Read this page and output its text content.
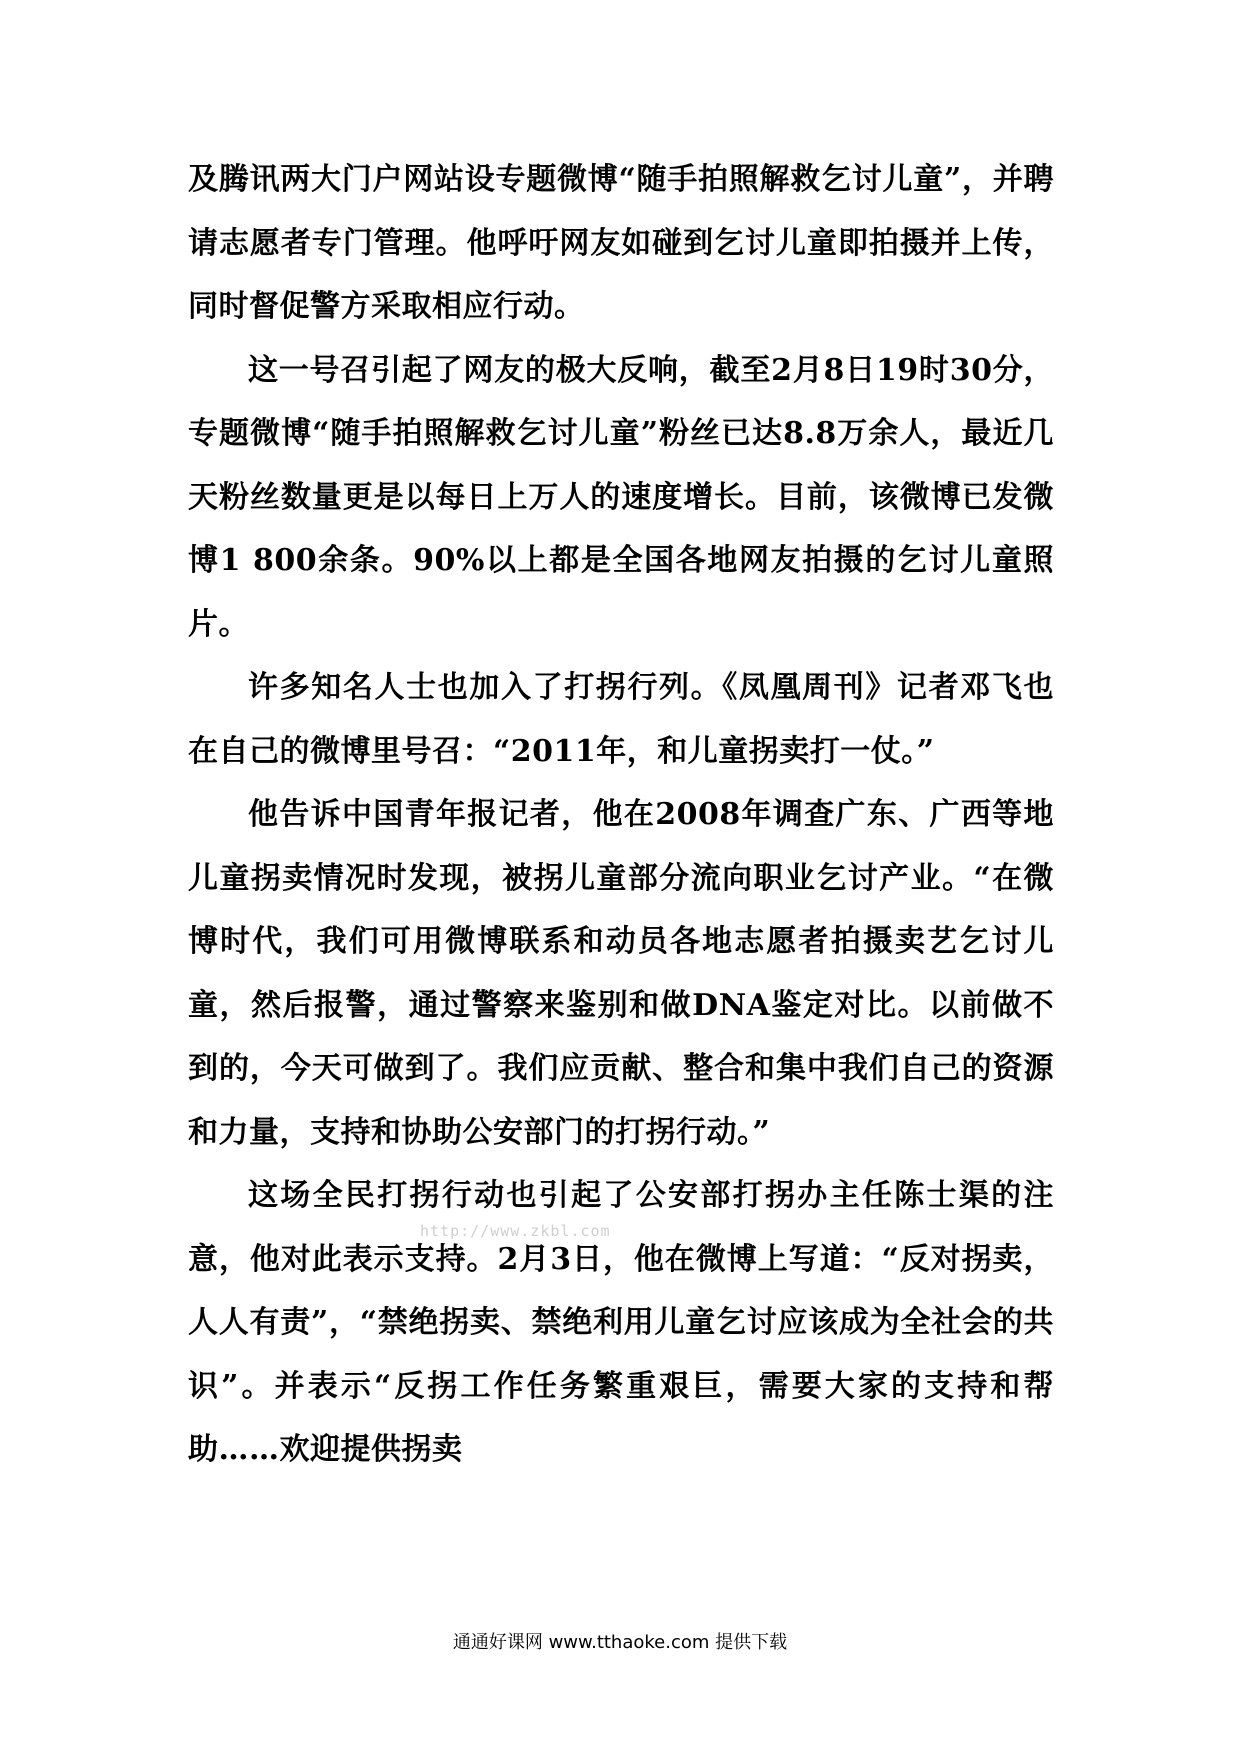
及腾讯两大门户网站设专题微博“随手拍照解救乞讨儿童”，并聘请志愿者专门管理。他呼吁网友如碰到乞讨儿童即拍摄并上传，同时督促警方采取相应行动。

这一号召引起了网友的极大反响，截至2月8日19时30分，专题微博“随手拍照解救乞讨儿童”粉丝已达8.8万余人，最近几天粉丝数量更是以每日上万人的速度增长。目前，该微博已发微博1 800余条。90%以上都是全国各地网友拍摄的乞讨儿童照片。

许多知名人士也加入了打拐行列。《凤凰周刊》记者邓飞也在自己的微博里号召：“2011年，和儿童拐卖打一仗。”

他告诉中国青年报记者，他在2008年调查广东、广西等地儿童拐卖情况时发现，被拐儿童部分流向职业乞讨产业。“在微博时代，我们可用微博联系和动员各地志愿者拍摄卖艺乞讨儿童，然后报警，通过警察来鉴别和做DNA鉴定对比。以前做不到的，今天可做到了。我们应贡献、整合和集中我们自己的资源和力量，支持和协助公安部门的打拐行动。”

这场全民打拐行动也引起了公安部打拐办主任陈士渠的注意，他对此表示支持。2月3日，他在微博上写道：“反对拐卖，人人有责”，“禁绝拐卖、禁绝利用儿童乞讨应该成为全社会的共识”。并表示“反拐工作任务繁重艰巨，需要大家的支持和帮助……欢迎提供拐卖

http://www.zkbl.com
通通好课网 www.tthaoke.com 提供下载
